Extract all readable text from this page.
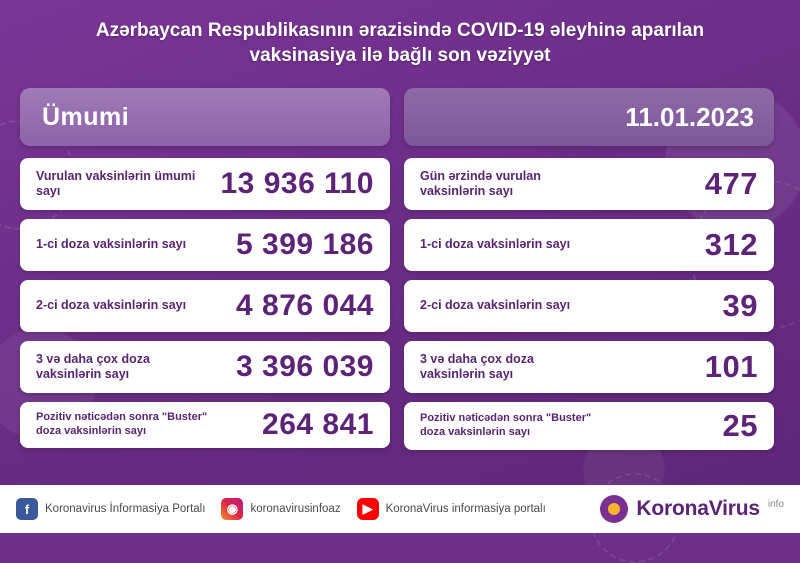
Azərbaycan Respublikasının ərazisində COVID-19 əleyhinə aparılan vaksinasiya ilə bağlı son vəziyyət
Ümumi
Vurulan vaksinlərin ümumi sayı	13 936 110
1-ci doza vaksinlərin sayı 5 399 186
2-ci doza vaksinlərin sayı 4 876 044
3 və daha çox doza vaksinlərin sayı	3 396 039
Pozitiv nəticədən sonra "Buster" doza vaksinlərin sayı	264 841
11.01.2023
Gün ərzində vurulan vaksinlərin sayı	477
1-ci doza vaksinlərin sayı	312
2-ci doza vaksinlərin sayı	39
3 və daha çox doza vaksinlərin sayı	101
Pozitiv nəticədən sonra "Buster" doza vaksinlərin sayı	25
f	Koronavirus İnformasiya Portalı	◉	koronavirusinfoaz	▶	KoronaVirus informasiya portalı	KoronaVirus info
